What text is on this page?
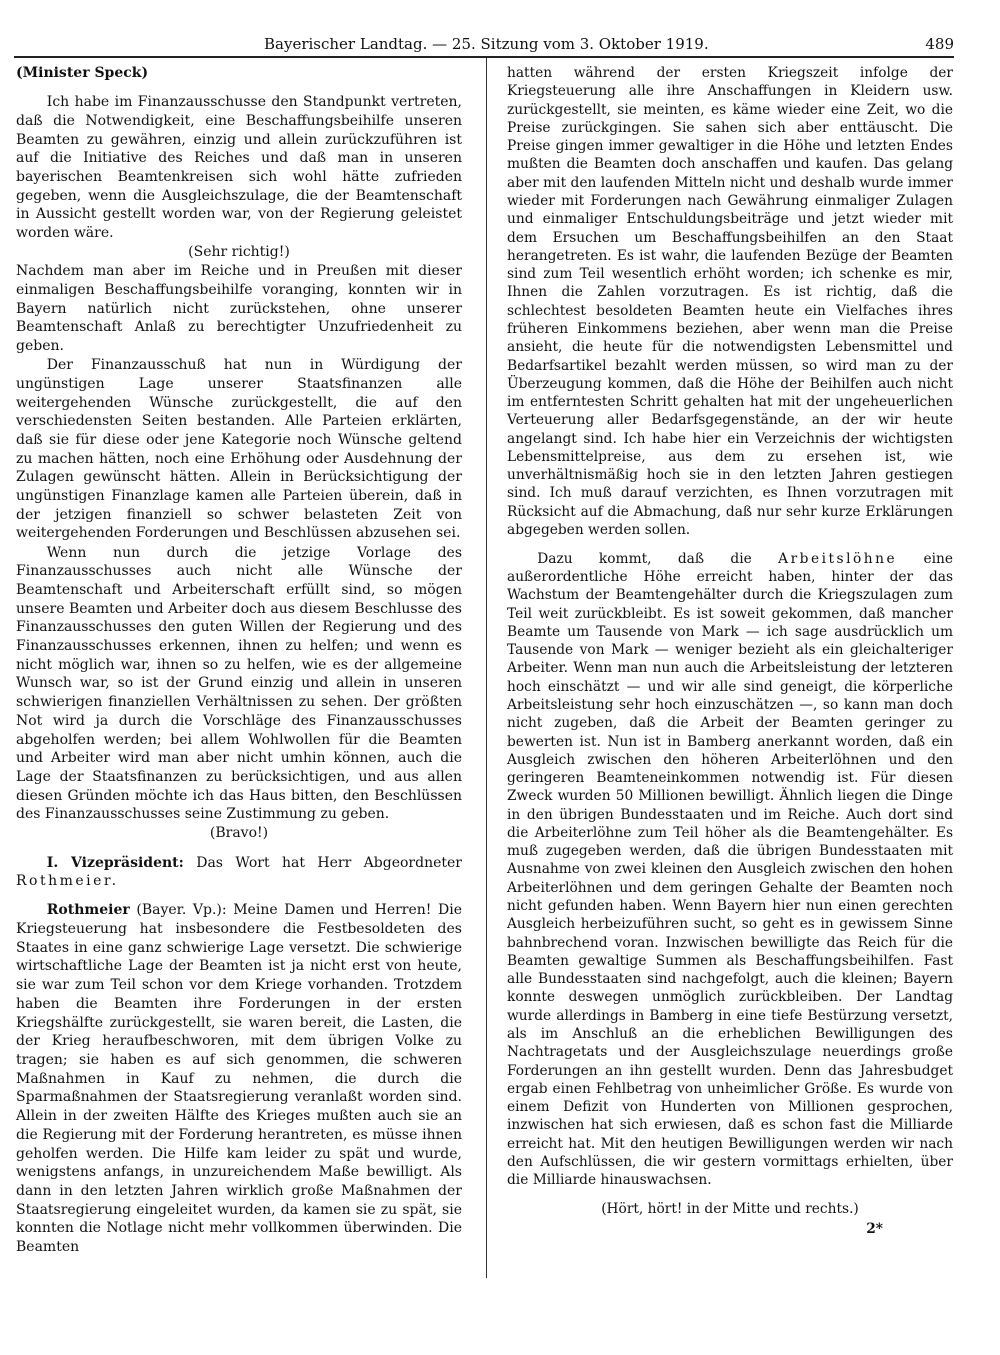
Bayerischer Landtag. — 25. Sitzung vom 3. Oktober 1919.	489

(Minister Speck)

Ich habe im Finanzausschusse den Standpunkt vertreten, daß die Notwendigkeit, eine Beschaffungsbeihilfe unseren Beamten zu gewähren, einzig und allein zurückzuführen ist auf die Initiative des Reiches und daß man in unseren bayerischen Beamtenkreisen sich wohl hätte zufrieden gegeben, wenn die Ausgleichszulage, die der Beamtenschaft in Aussicht gestellt worden war, von der Regierung geleistet worden wäre.

(Sehr richtig!)

Nachdem man aber im Reiche und in Preußen mit dieser einmaligen Beschaffungsbeihilfe voranging, konnten wir in Bayern natürlich nicht zurückstehen, ohne unserer Beamtenschaft Anlaß zu berechtigter Unzufriedenheit zu geben.

Der Finanzausschuß hat nun in Würdigung der ungünstigen Lage unserer Staatsfinanzen alle weitergehenden Wünsche zurückgestellt, die auf den verschiedensten Seiten bestanden. Alle Parteien erklärten, daß sie für diese oder jene Kategorie noch Wünsche geltend zu machen hätten, noch eine Erhöhung oder Ausdehnung der Zulagen gewünscht hätten. Allein in Berücksichtigung der ungünstigen Finanzlage kamen alle Parteien überein, daß in der jetzigen finanziell so schwer belasteten Zeit von weitergehenden Forderungen und Beschlüssen abzusehen sei.

Wenn nun durch die jetzige Vorlage des Finanzausschusses auch nicht alle Wünsche der Beamtenschaft und Arbeiterschaft erfüllt sind, so mögen unsere Beamten und Arbeiter doch aus diesem Beschlusse des Finanzausschusses den guten Willen der Regierung und des Finanzausschusses erkennen, ihnen zu helfen; und wenn es nicht möglich war, ihnen so zu helfen, wie es der allgemeine Wunsch war, so ist der Grund einzig und allein in unseren schwierigen finanziellen Verhältnissen zu sehen. Der größten Not wird ja durch die Vorschläge des Finanzausschusses abgeholfen werden; bei allem Wohlwollen für die Beamten und Arbeiter wird man aber nicht umhin können, auch die Lage der Staatsfinanzen zu berücksichtigen, und aus allen diesen Gründen möchte ich das Haus bitten, den Beschlüssen des Finanzausschusses seine Zustimmung zu geben.

(Bravo!)

I. Vizepräsident: Das Wort hat Herr Abgeordneter Rothmeier.

Rothmeier (Bayer. Vp.): Meine Damen und Herren! Die Kriegsteuerung hat insbesondere die Festbesoldeten des Staates in eine ganz schwierige Lage versetzt. Die schwierige wirtschaftliche Lage der Beamten ist ja nicht erst von heute, sie war zum Teil schon vor dem Kriege vorhanden. Trotzdem haben die Beamten ihre Forderungen in der ersten Kriegshälfte zurückgestellt, sie waren bereit, die Lasten, die der Krieg heraufbeschworen, mit dem übrigen Volke zu tragen; sie haben es auf sich genommen, die schweren Maßnahmen in Kauf zu nehmen, die durch die Sparmaßnahmen der Staatsregierung veranlaßt worden sind. Allein in der zweiten Hälfte des Krieges mußten auch sie an die Regierung mit der Forderung herantreten, es müsse ihnen geholfen werden. Die Hilfe kam leider zu spät und wurde, wenigstens anfangs, in unzureichendem Maße bewilligt. Als dann in den letzten Jahren wirklich große Maßnahmen der Staatsregierung eingeleitet wurden, da kamen sie zu spät, sie konnten die Notlage nicht mehr vollkommen überwinden. Die Beamten

hatten während der ersten Kriegszeit infolge der Kriegsteuerung alle ihre Anschaffungen in Kleidern usw. zurückgestellt, sie meinten, es käme wieder eine Zeit, wo die Preise zurückgingen. Sie sahen sich aber enttäuscht. Die Preise gingen immer gewaltiger in die Höhe und letzten Endes mußten die Beamten doch anschaffen und kaufen. Das gelang aber mit den laufenden Mitteln nicht und deshalb wurde immer wieder mit Forderungen nach Gewährung einmaliger Zulagen und einmaliger Entschuldungsbeiträge und jetzt wieder mit dem Ersuchen um Beschaffungsbeihilfen an den Staat herangetreten. Es ist wahr, die laufenden Bezüge der Beamten sind zum Teil wesentlich erhöht worden; ich schenke es mir, Ihnen die Zahlen vorzutragen. Es ist richtig, daß die schlechtest besoldeten Beamten heute ein Vielfaches ihres früheren Einkommens beziehen, aber wenn man die Preise ansieht, die heute für die notwendigsten Lebensmittel und Bedarfsartikel bezahlt werden müssen, so wird man zu der Überzeugung kommen, daß die Höhe der Beihilfen auch nicht im entferntesten Schritt gehalten hat mit der ungeheuerlichen Verteuerung aller Bedarfsgegenstände, an der wir heute angelangt sind. Ich habe hier ein Verzeichnis der wichtigsten Lebensmittelpreise, aus dem zu ersehen ist, wie unverhältnismäßig hoch sie in den letzten Jahren gestiegen sind. Ich muß darauf verzichten, es Ihnen vorzutragen mit Rücksicht auf die Abmachung, daß nur sehr kurze Erklärungen abgegeben werden sollen.

Dazu kommt, daß die Arbeitslöhne eine außerordentliche Höhe erreicht haben, hinter der das Wachstum der Beamtengehälter durch die Kriegszulagen zum Teil weit zurückbleibt. Es ist soweit gekommen, daß mancher Beamte um Tausende von Mark — ich sage ausdrücklich um Tausende von Mark — weniger bezieht als ein gleichalteriger Arbeiter. Wenn man nun auch die Arbeitsleistung der letzteren hoch einschätzt — und wir alle sind geneigt, die körperliche Arbeitsleistung sehr hoch einzuschätzen —, so kann man doch nicht zugeben, daß die Arbeit der Beamten geringer zu bewerten ist. Nun ist in Bamberg anerkannt worden, daß ein Ausgleich zwischen den höheren Arbeiterlöhnen und den geringeren Beamteneinkommen notwendig ist. Für diesen Zweck wurden 50 Millionen bewilligt. Ähnlich liegen die Dinge in den übrigen Bundesstaaten und im Reiche. Auch dort sind die Arbeiterlöhne zum Teil höher als die Beamtengehälter. Es muß zugegeben werden, daß die übrigen Bundesstaaten mit Ausnahme von zwei kleinen den Ausgleich zwischen den hohen Arbeiterlöhnen und dem geringen Gehalte der Beamten noch nicht gefunden haben. Wenn Bayern hier nun einen gerechten Ausgleich herbeizuführen sucht, so geht es in gewissem Sinne bahnbrechend voran. Inzwischen bewilligte das Reich für die Beamten gewaltige Summen als Beschaffungsbeihilfen. Fast alle Bundesstaaten sind nachgefolgt, auch die kleinen; Bayern konnte deswegen unmöglich zurückbleiben. Der Landtag wurde allerdings in Bamberg in eine tiefe Bestürzung versetzt, als im Anschluß an die erheblichen Bewilligungen des Nachtragetats und der Ausgleichszulage neuerdings große Forderungen an ihn gestellt wurden. Denn das Jahresbudget ergab einen Fehlbetrag von unheimlicher Größe. Es wurde von einem Defizit von Hunderten von Millionen gesprochen, inzwischen hat sich erwiesen, daß es schon fast die Milliarde erreicht hat. Mit den heutigen Bewilligungen werden wir nach den Aufschlüssen, die wir gestern vormittags erhielten, über die Milliarde hinauswachsen.

(Hört, hört! in der Mitte und rechts.)

2*
